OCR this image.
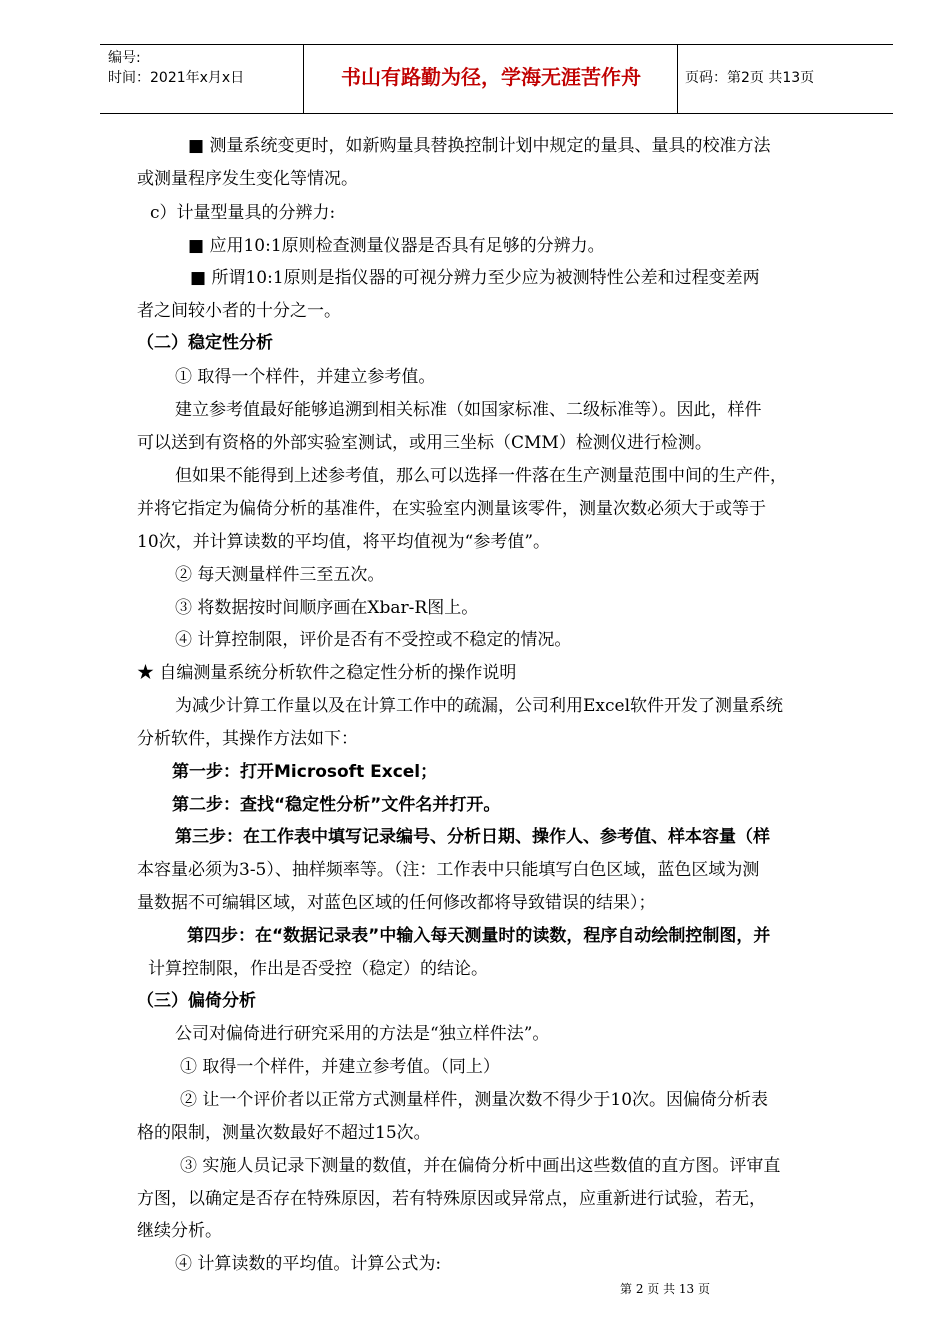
编号:
时间：2021年x月x日	书山有路勤为径，学海无涯苦作舟	页码：第2页 共13页
■ 测量系统变更时，如新购量具替换控制计划中规定的量具、量具的校准方法
或测量程序发生变化等情况。
c）计量型量具的分辨力:
■ 应用10:1原则检查测量仪器是否具有足够的分辨力。
■ 所谓10:1原则是指仪器的可视分辨力至少应为被测特性公差和过程变差两
者之间较小者的十分之一。
（二）稳定性分析
① 取得一个样件，并建立参考值。
建立参考值最好能够追溯到相关标准（如国家标准、二级标准等）。因此，样件
可以送到有资格的外部实验室测试，或用三坐标（CMM）检测仪进行检测。
但如果不能得到上述参考值，那么可以选择一件落在生产测量范围中间的生产件，
并将它指定为偏倚分析的基准件，在实验室内测量该零件，测量次数必须大于或等于
10次，并计算读数的平均值，将平均值视为“参考值”。
② 每天测量样件三至五次。
③ 将数据按时间顺序画在Xbar-R图上。
④ 计算控制限，评价是否有不受控或不稳定的情况。
★ 自编测量系统分析软件之稳定性分析的操作说明
为减少计算工作量以及在计算工作中的疏漏，公司利用Excel软件开发了测量系统
分析软件，其操作方法如下：
第一步：打开Microsoft Excel；
第二步：查找“稳定性分析”文件名并打开。
第三步：在工作表中填写记录编号、分析日期、操作人、参考值、样本容量（样
本容量必须为3-5）、抽样频率等。（注：工作表中只能填写白色区域，蓝色区域为测
量数据不可编辑区域，对蓝色区域的任何修改都将导致错误的结果）；
第四步：在“数据记录表”中输入每天测量时的读数，程序自动绘制控制图，并
计算控制限，作出是否受控（稳定）的结论。
（三）偏倚分析
公司对偏倚进行研究采用的方法是“独立样件法”。
① 取得一个样件，并建立参考值。（同上）
② 让一个评价者以正常方式测量样件，测量次数不得少于10次。因偏倚分析表
格的限制，测量次数最好不超过15次。
③ 实施人员记录下测量的数值，并在偏倚分析中画出这些数值的直方图。评审直
方图，以确定是否存在特殊原因，若有特殊原因或异常点，应重新进行试验，若无，
继续分析。
④ 计算读数的平均值。计算公式为:
第 2 页 共 13 页
